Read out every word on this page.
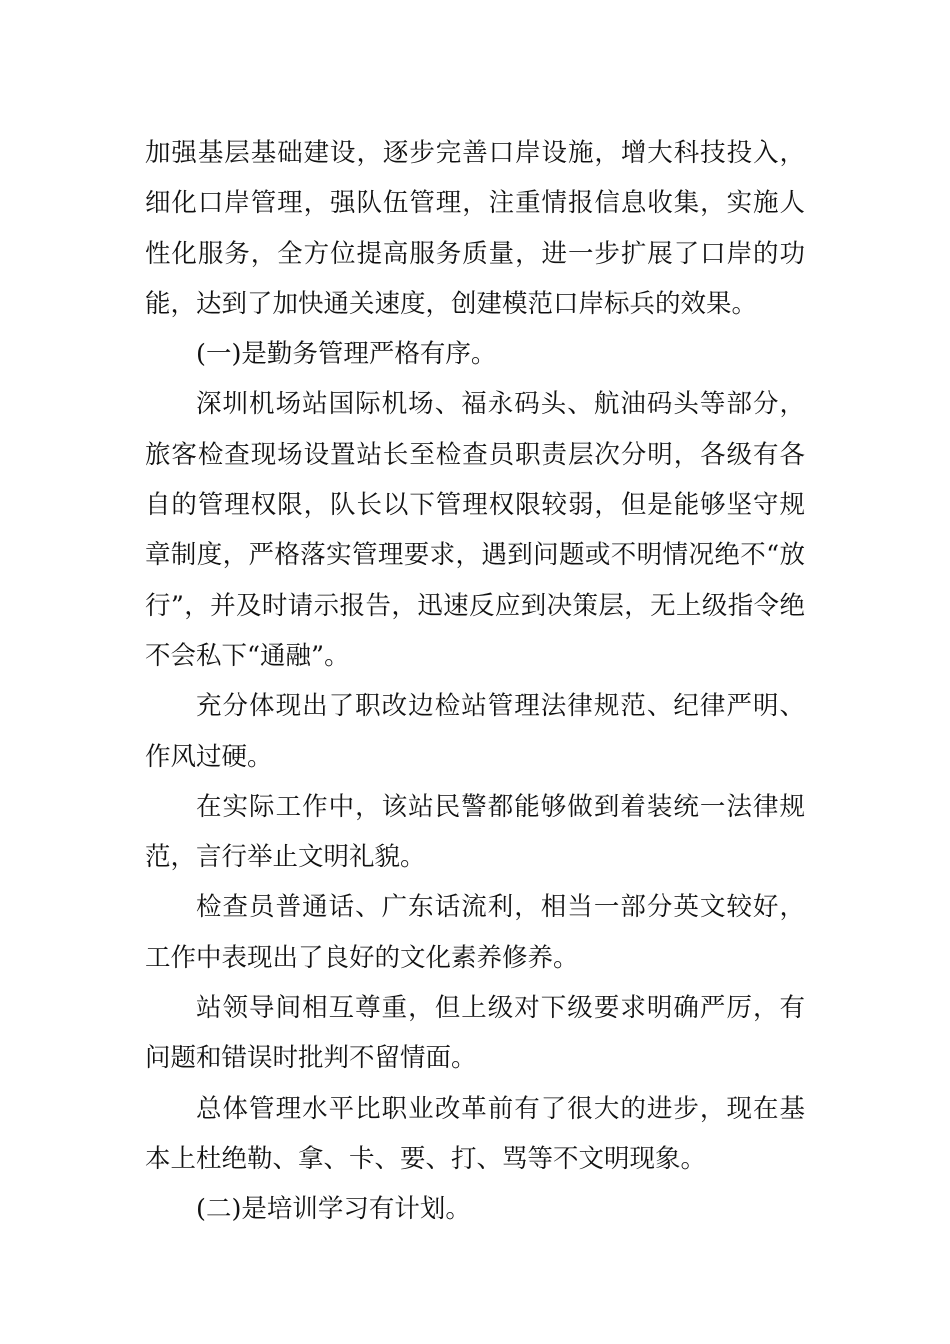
加强基层基础建设，逐步完善口岸设施，增大科技投入，细化口岸管理，强队伍管理，注重情报信息收集，实施人性化服务，全方位提高服务质量，进一步扩展了口岸的功能，达到了加快通关速度，创建模范口岸标兵的效果。

(一)是勤务管理严格有序。

深圳机场站国际机场、福永码头、航油码头等部分，旅客检查现场设置站长至检查员职责层次分明，各级有各自的管理权限，队长以下管理权限较弱，但是能够坚守规章制度，严格落实管理要求，遇到问题或不明情况绝不“放行”，并及时请示报告，迅速反应到决策层，无上级指令绝不会私下“通融”。

充分体现出了职改边检站管理法律规范、纪律严明、作风过硬。

在实际工作中，该站民警都能够做到着装统一法律规范，言行举止文明礼貌。

检查员普通话、广东话流利，相当一部分英文较好，工作中表现出了良好的文化素养修养。

站领导间相互尊重，但上级对下级要求明确严厉，有问题和错误时批判不留情面。

总体管理水平比职业改革前有了很大的进步，现在基本上杜绝勒、拿、卡、要、打、骂等不文明现象。

(二)是培训学习有计划。
